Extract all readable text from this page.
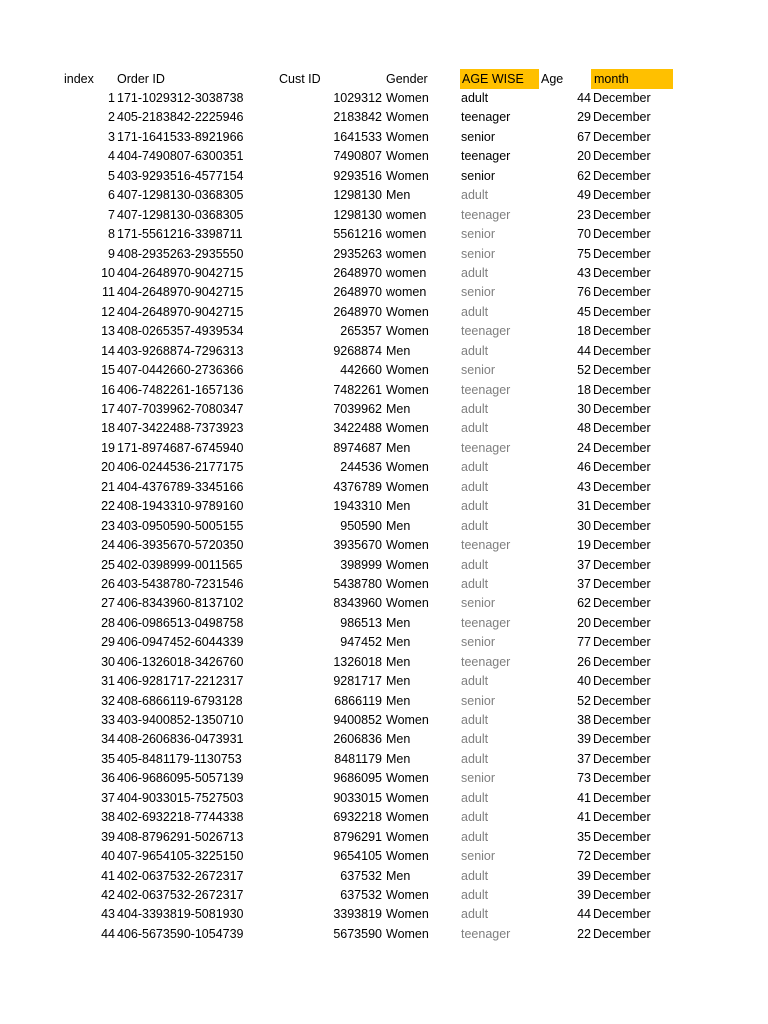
index	Order ID	Cust ID	Gender	AGE WISE	Age	month
1 171-1029312-3038738	1029312 Women	adult	44 December
2 405-2183842-2225946	2183842 Women	teenager	29 December
3 171-1641533-8921966	1641533 Women	senior	67 December
4 404-7490807-6300351	7490807 Women	teenager	20 December
5 403-9293516-4577154	9293516 Women	senior	62 December
6 407-1298130-0368305	1298130 Men	adult	49 December
7 407-1298130-0368305	1298130 women	teenager	23 December
8 171-5561216-3398711	5561216 women	senior	70 December
9 408-2935263-2935550	2935263 women	senior	75 December
10 404-2648970-9042715	2648970 women	adult	43 December
11 404-2648970-9042715	2648970 women	senior	76 December
12 404-2648970-9042715	2648970 Women	adult	45 December
13 408-0265357-4939534	265357 Women	teenager	18 December
14 403-9268874-7296313	9268874 Men	adult	44 December
15 407-0442660-2736366	442660 Women	senior	52 December
16 406-7482261-1657136	7482261 Women	teenager	18 December
17 407-7039962-7080347	7039962 Men	adult	30 December
18 407-3422488-7373923	3422488 Women	adult	48 December
19 171-8974687-6745940	8974687 Men	teenager	24 December
20 406-0244536-2177175	244536 Women	adult	46 December
21 404-4376789-3345166	4376789 Women	adult	43 December
22 408-1943310-9789160	1943310 Men	adult	31 December
23 403-0950590-5005155	950590 Men	adult	30 December
24 406-3935670-5720350	3935670 Women	teenager	19 December
25 402-0398999-0011565	398999 Women	adult	37 December
26 403-5438780-7231546	5438780 Women	adult	37 December
27 406-8343960-8137102	8343960 Women	senior	62 December
28 406-0986513-0498758	986513 Men	teenager	20 December
29 406-0947452-6044339	947452 Men	senior	77 December
30 406-1326018-3426760	1326018 Men	teenager	26 December
31 406-9281717-2212317	9281717 Men	adult	40 December
32 408-6866119-6793128	6866119 Men	senior	52 December
33 403-9400852-1350710	9400852 Women	adult	38 December
34 408-2606836-0473931	2606836 Men	adult	39 December
35 405-8481179-1130753	8481179 Men	adult	37 December
36 406-9686095-5057139	9686095 Women	senior	73 December
37 404-9033015-7527503	9033015 Women	adult	41 December
38 402-6932218-7744338	6932218 Women	adult	41 December
39 408-8796291-5026713	8796291 Women	adult	35 December
40 407-9654105-3225150	9654105 Women	senior	72 December
41 402-0637532-2672317	637532 Men	adult	39 December
42 402-0637532-2672317	637532 Women	adult	39 December
43 404-3393819-5081930	3393819 Women	adult	44 December
44 406-5673590-1054739	5673590 Women	teenager	22 December
